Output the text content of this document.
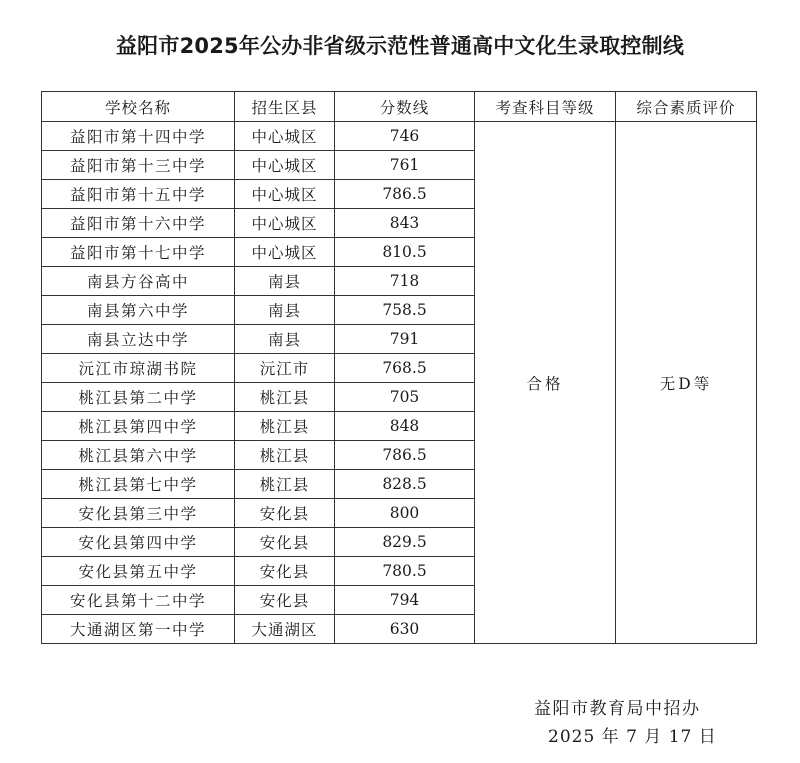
益阳市2025年公办非省级示范性普通高中文化生录取控制线
学校名称	招生区县	分数线	考查科目等级	综合素质评价
益阳市第十四中学	中心城区	746	合格	无D等
益阳市第十三中学	中心城区	761		
益阳市第十五中学	中心城区	786.5		
益阳市第十六中学	中心城区	843		
益阳市第十七中学	中心城区	810.5		
南县方谷高中	南县	718		
南县第六中学	南县	758.5		
南县立达中学	南县	791		
沅江市琼湖书院	沅江市	768.5		
桃江县第二中学	桃江县	705		
桃江县第四中学	桃江县	848		
桃江县第六中学	桃江县	786.5		
桃江县第七中学	桃江县	828.5		
安化县第三中学	安化县	800		
安化县第四中学	安化县	829.5		
安化县第五中学	安化县	780.5		
安化县第十二中学	安化县	794		
大通湖区第一中学	大通湖区	630		
益阳市教育局中招办
2025 年 7 月 17 日
